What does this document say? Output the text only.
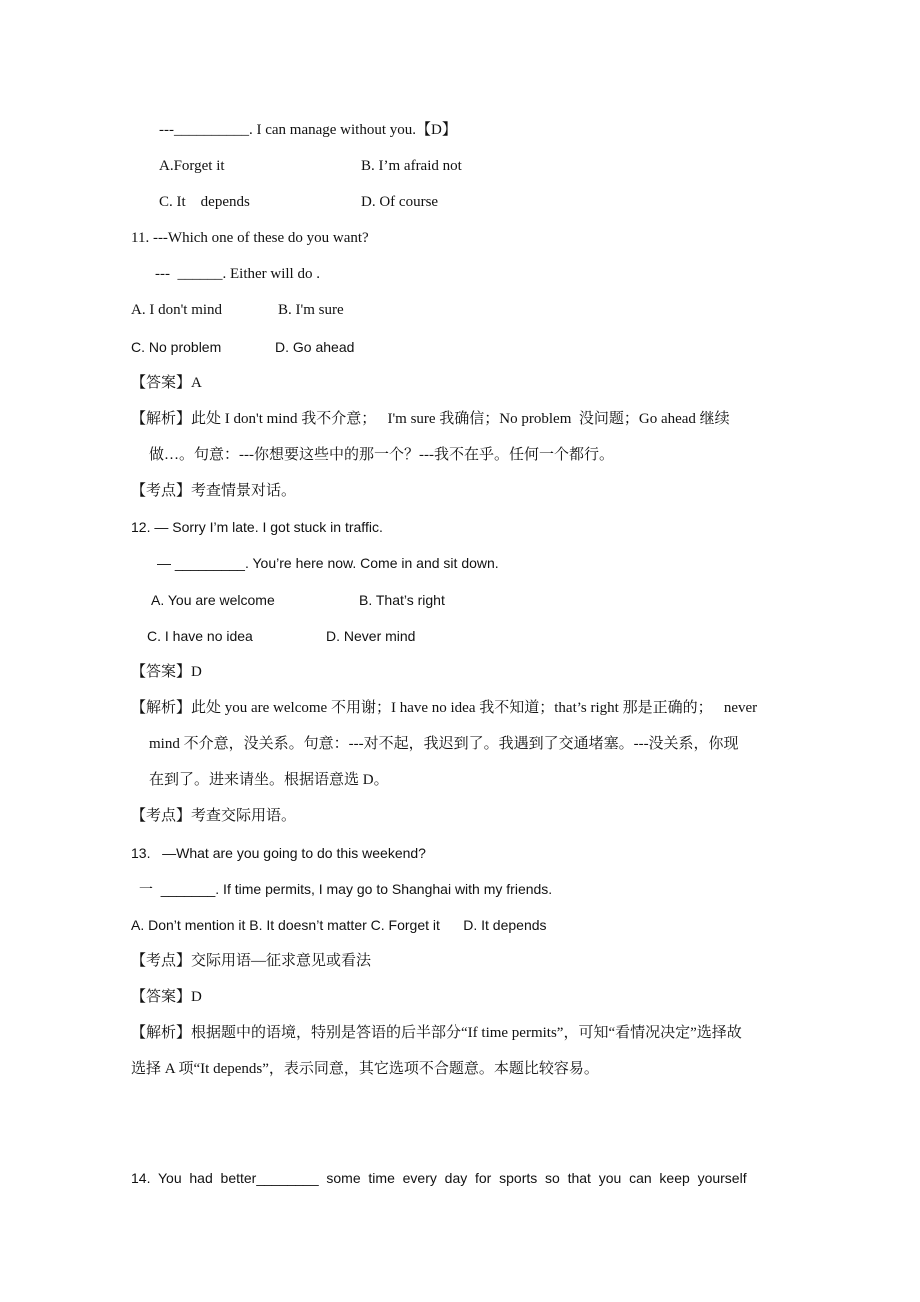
---__________. I can manage without you.【D】
A.Forget it	B. I’m afraid not
C. It    depends	D. Of course
11. ---Which one of these do you want?
---  ______. Either will do .
A. I don't mind	B. I'm sure
C. No problem	D. Go ahead
【答案】A
【解析】此处 I don't mind 我不介意；   I'm sure 我确信；No problem  没问题；Go ahead 继续
做…。句意：---你想要这些中的那一个？---我不在乎。任何一个都行。
【考点】考查情景对话。
12. — Sorry I’m late. I got stuck in traffic.
— _________. You’re here now. Come in and sit down.
A. You are welcome	B. That’s right
C. I have no idea	D. Never mind
【答案】D
【解析】此处 you are welcome 不用谢；I have no idea 我不知道；that’s right 那是正确的；   never
mind 不介意，没关系。句意：---对不起，我迟到了。我遇到了交通堵塞。---没关系，你现
在到了。进来请坐。根据语意选 D。
【考点】考查交际用语。
13.   —What are you going to do this weekend?
一  _______. If time permits, I may go to Shanghai with my friends.
A. Don’t mention it B. It doesn’t matter C. Forget it      D. It depends
【考点】交际用语—征求意见或看法
【答案】D
【解析】根据题中的语境，特别是答语的后半部分“If time permits”，可知“看情况决定”选择故
选择 A 项“It depends”，表示同意，其它选项不合题意。本题比较容易。
14.  You  had  better________  some  time  every  day  for  sports  so  that  you  can  keep  yourself
